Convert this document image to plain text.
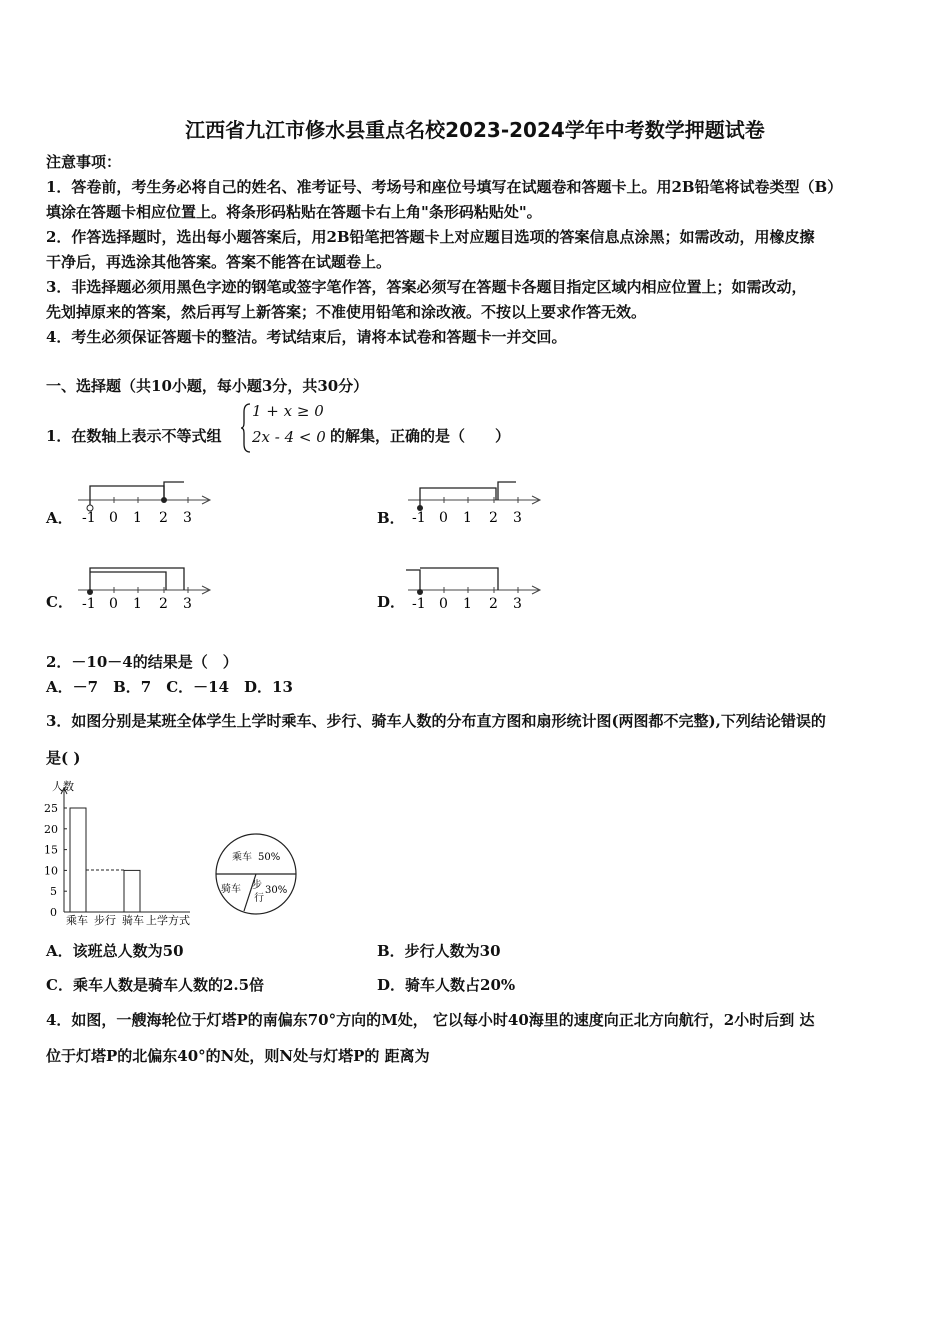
江西省九江市修水县重点名校2023-2024学年中考数学押题试卷
注意事项：
1．答卷前，考生务必将自己的姓名、准考证号、考场号和座位号填写在试题卷和答题卡上。用2B铅笔将试卷类型（B）
填涂在答题卡相应位置上。将条形码粘贴在答题卡右上角"条形码粘贴处"。
2．作答选择题时，选出每小题答案后，用2B铅笔把答题卡上对应题目选项的答案信息点涂黑；如需改动，用橡皮擦
干净后，再选涂其他答案。答案不能答在试题卷上。
3．非选择题必须用黑色字迹的钢笔或签字笔作答，答案必须写在答题卡各题目指定区域内相应位置上；如需改动，
先划掉原来的答案，然后再写上新答案；不准使用铅笔和涂改液。不按以上要求作答无效。
4．考生必须保证答题卡的整洁。考试结束后，请将本试卷和答题卡一并交回。
一、选择题（共10小题，每小题3分，共30分）
1．在数轴上表示不等式组
1 + x ≥ 0
2x - 4 < 0 的解集，正确的是（　　）
A． -1 0 1 2 3	B． -1 0 1 2 3
C． -1 0 1 2 3	D． -1 0 1 2 3
2．－10－4的结果是（　）
A．－7　B．7　C．－14　D．13
3．如图分别是某班全体学生上学时乘车、步行、骑车人数的分布直方图和扇形统计图(两图都不完整),下列结论错误的
是( )
人数
25
20
15
10
5
0
乘车 步行 骑车 上学方式
乘车 50%
骑车 步
行
30%
A．该班总人数为50	B．步行人数为30
C．乘车人数是骑车人数的2.5倍	D．骑车人数占20%
4．如图，一艘海轮位于灯塔P的南偏东70°方向的M处， 它以每小时40海里的速度向正北方向航行，2小时后到 达
位于灯塔P的北偏东40°的N处，则N处与灯塔P的 距离为
